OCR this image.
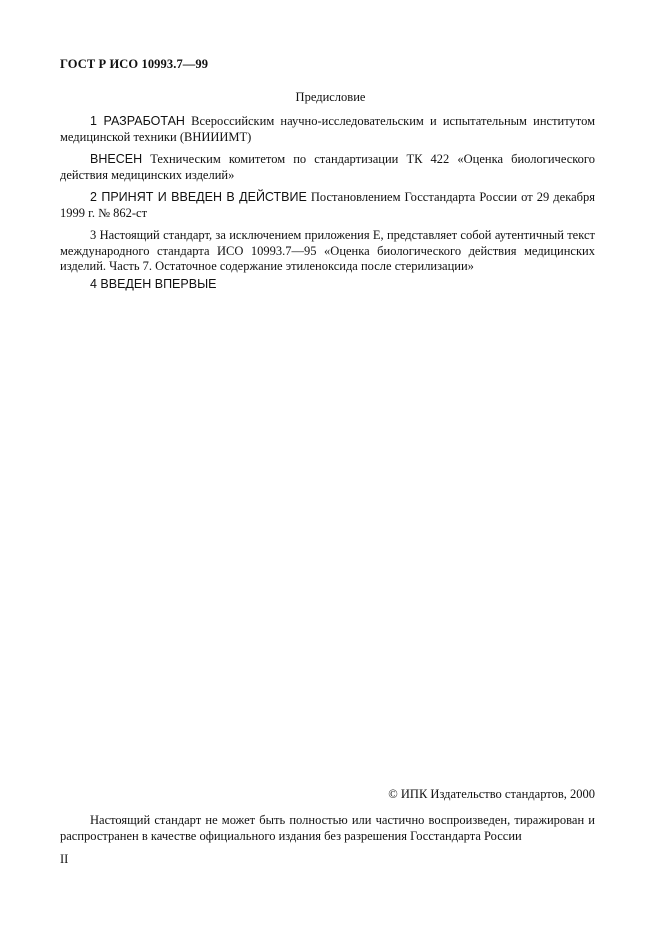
ГОСТ Р ИСО 10993.7—99
Предисловие
1 РАЗРАБОТАН Всероссийским научно-исследовательским и испытательным институтом медицинской техники (ВНИИИМТ)
ВНЕСЕН Техническим комитетом по стандартизации ТК 422 «Оценка биологического действия медицинских изделий»
2 ПРИНЯТ И ВВЕДЕН В ДЕЙСТВИЕ Постановлением Госстандарта России от 29 декабря 1999 г. № 862-ст
3 Настоящий стандарт, за исключением приложения Е, представляет собой аутентичный текст международного стандарта ИСО 10993.7—95 «Оценка биологического действия медицинских изделий. Часть 7. Остаточное содержание этиленоксида после стерилизации»
4 ВВЕДЕН ВПЕРВЫЕ
© ИПК Издательство стандартов, 2000
Настоящий стандарт не может быть полностью или частично воспроизведен, тиражирован и распространен в качестве официального издания без разрешения Госстандарта России
II
